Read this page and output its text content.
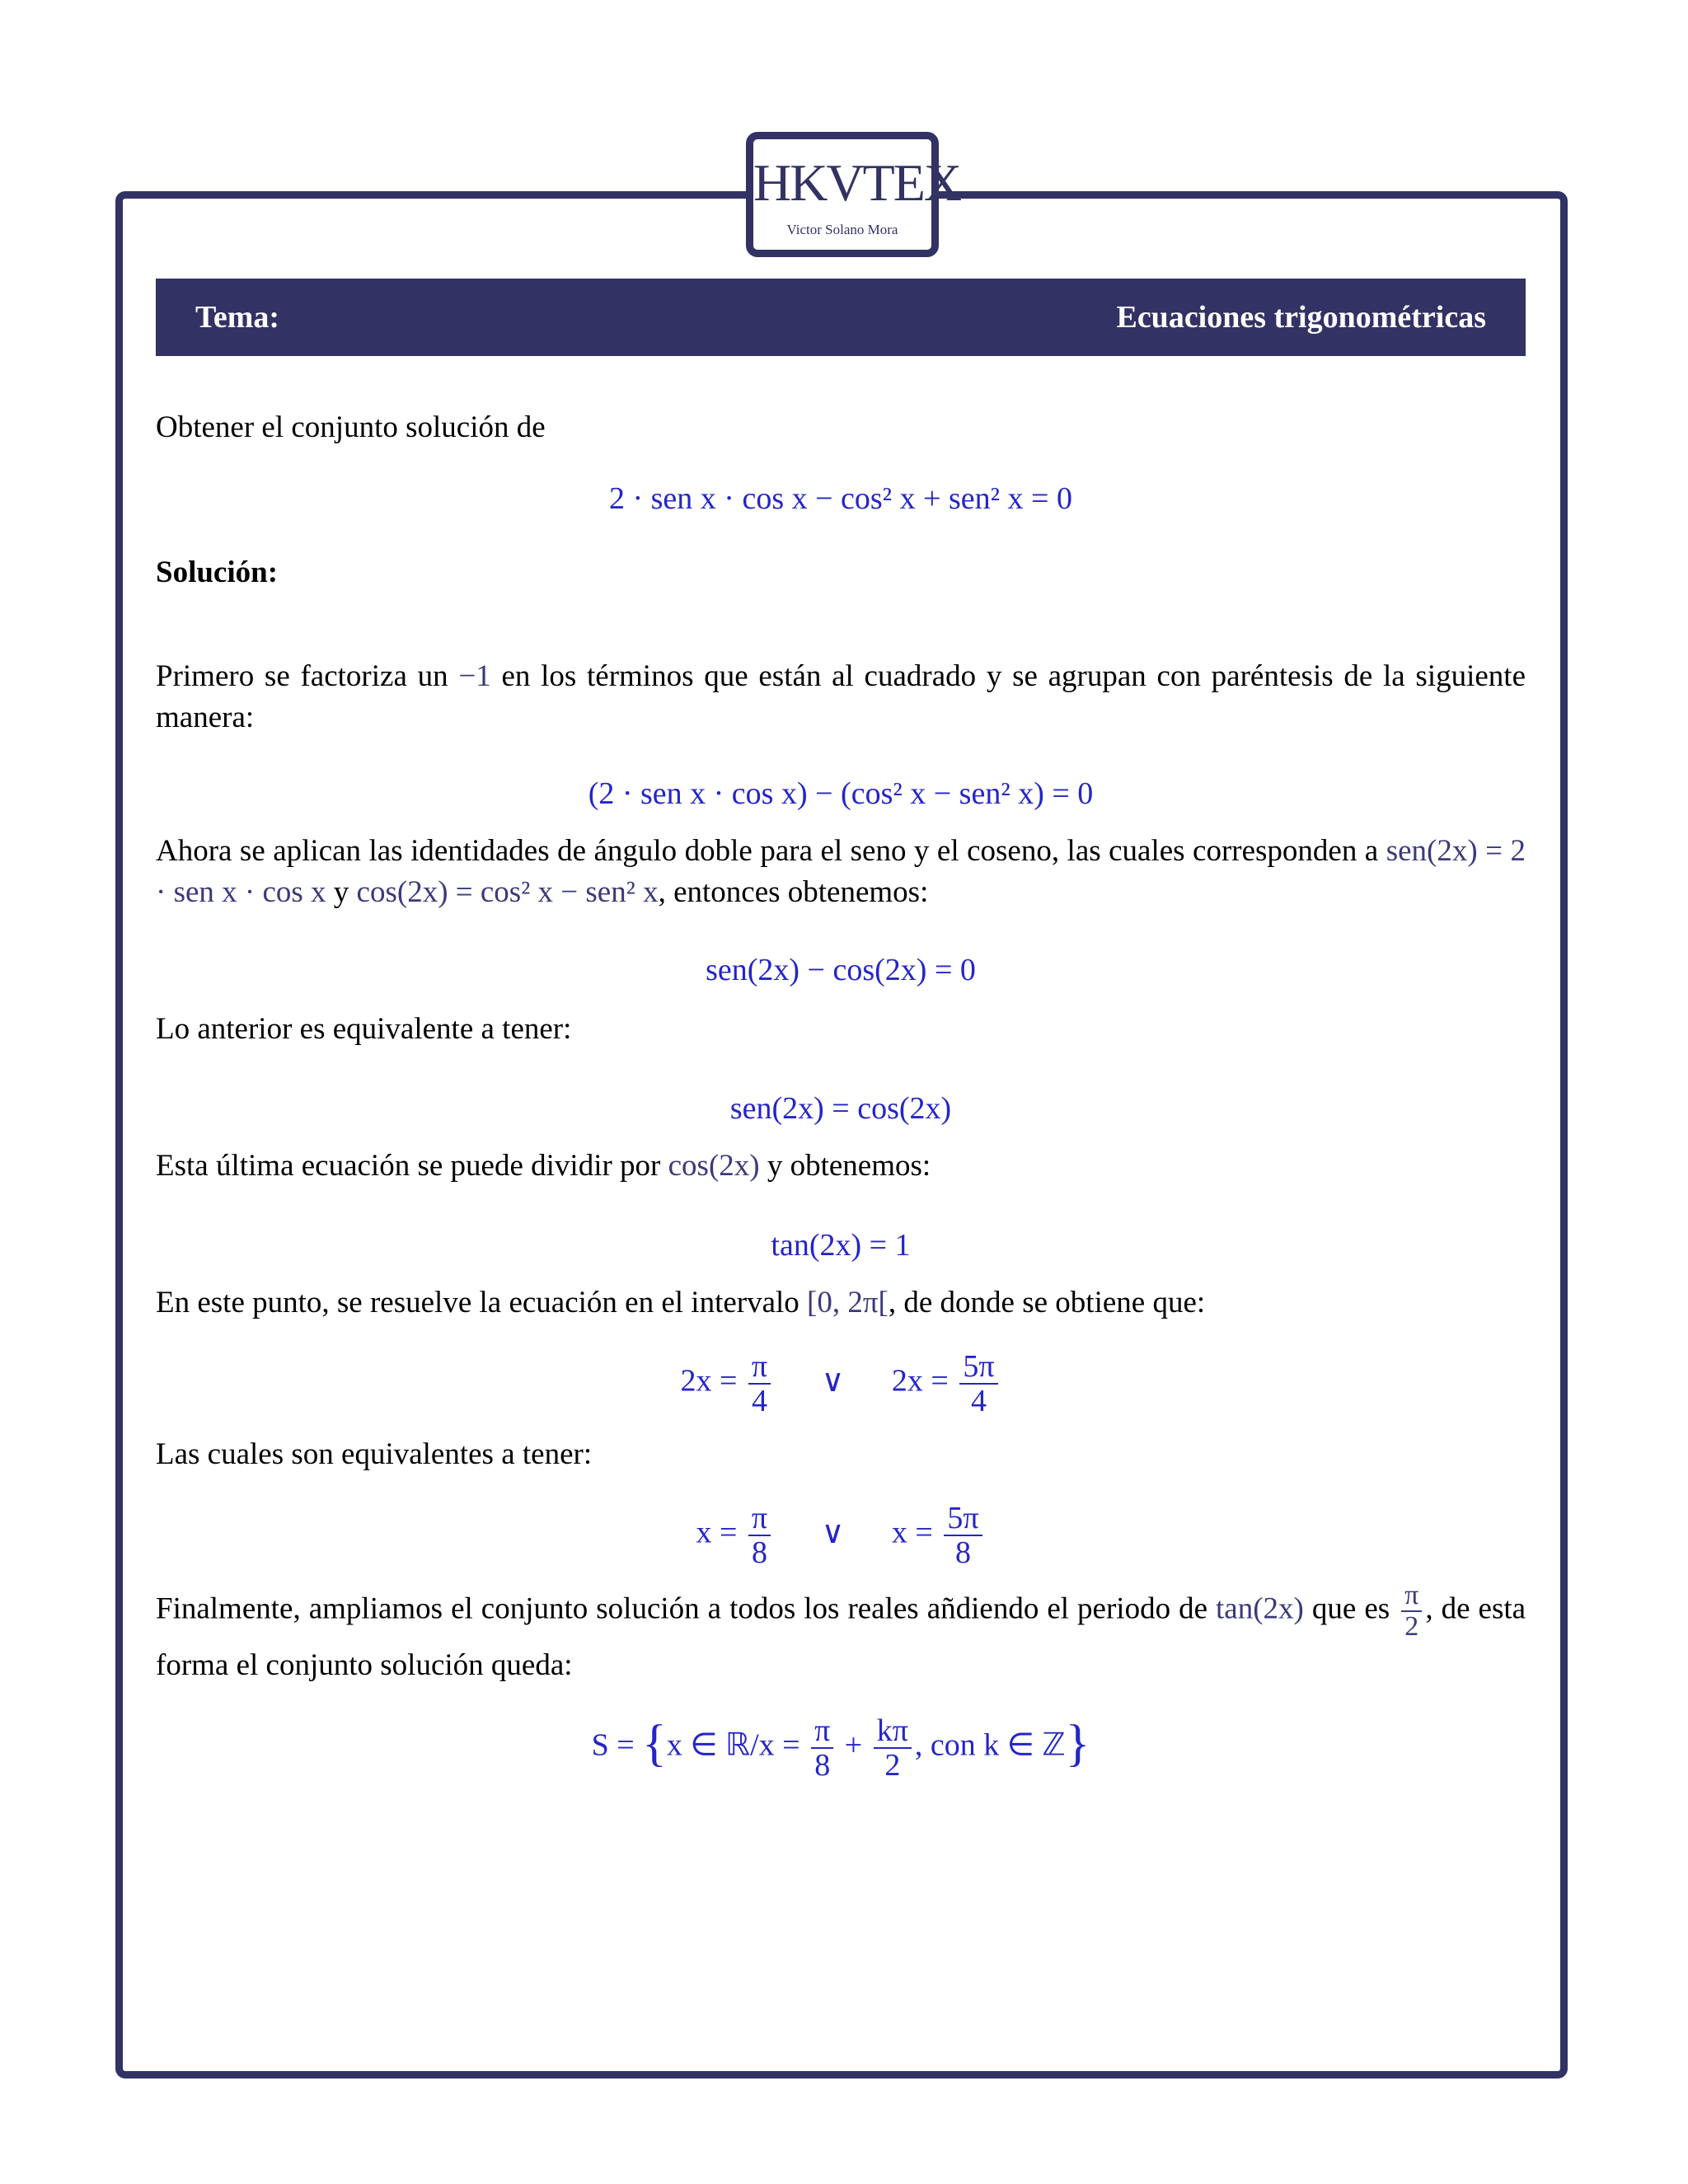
HKVTEX
Victor Solano Mora
Tema:	Ecuaciones trigonométricas
Obtener el conjunto solución de
2 · sen x · cos x − cos² x + sen² x = 0
Solución:
Primero se factoriza un −1 en los términos que están al cuadrado y se agrupan con paréntesis de la siguiente manera:
(2 · sen x · cos x) − (cos² x − sen² x) = 0
Ahora se aplican las identidades de ángulo doble para el seno y el coseno, las cuales corresponden a sen(2x) = 2 · sen x · cos x y cos(2x) = cos² x − sen² x, entonces obtenemos:
sen(2x) − cos(2x) = 0
Lo anterior es equivalente a tener:
sen(2x) = cos(2x)
Esta última ecuación se puede dividir por cos(2x) y obtenemos:
tan(2x) = 1
En este punto, se resuelve la ecuación en el intervalo [0, 2π[, de donde se obtiene que:
$2x = \frac{\pi}{4}$ ∨ $2x = \frac{5\pi}{4}$
Las cuales son equivalentes a tener:
$x = \frac{\pi}{8}$ ∨ $x = \frac{5\pi}{8}$
Finalmente, ampliamos el conjunto solución a todos los reales añdiendo el periodo de tan(2x) que es $\frac{\pi}{2}$ , de esta forma el conjunto solución queda:
S = {x ∈ ℝ/x = $\frac{\pi}{8} + \frac{k\pi}{2}$ , con k ∈ ℤ}
